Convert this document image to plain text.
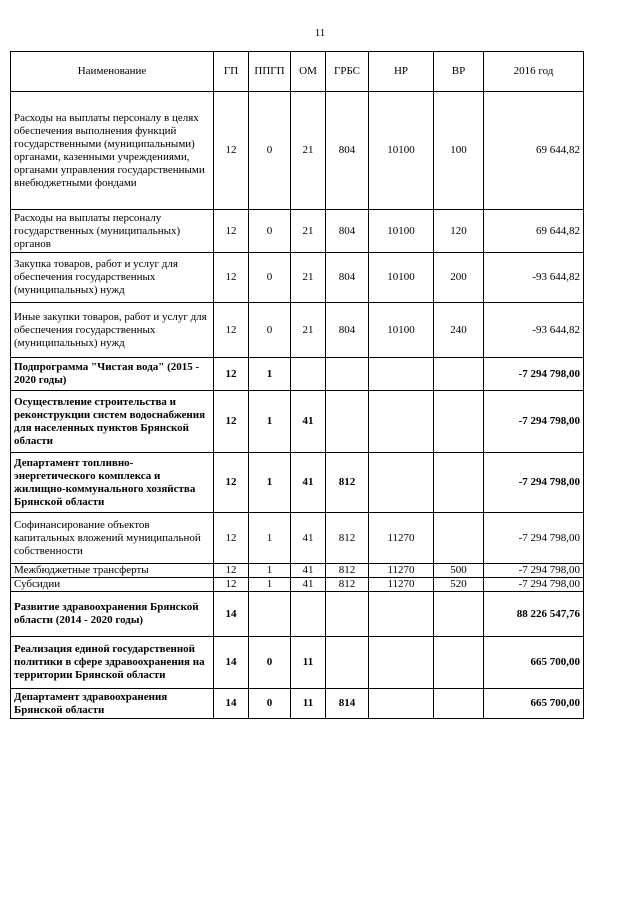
11
Наименование	ГП	ППГП	ОМ	ГРБС	НР	ВР	2016 год
Расходы на выплаты персоналу в целях обеспечения выполнения функций государственными (муниципальными) органами, казенными учреждениями, органами управления государственными внебюджетными фондами	12	0	21	804	10100	100	69 644,82
Расходы на выплаты персоналу государственных (муниципальных) органов	12	0	21	804	10100	120	69 644,82
Закупка товаров, работ и услуг для обеспечения государственных (муниципальных) нужд	12	0	21	804	10100	200	-93 644,82
Иные закупки товаров, работ и услуг для обеспечения государственных (муниципальных) нужд	12	0	21	804	10100	240	-93 644,82
Подпрограмма "Чистая вода" (2015 - 2020 годы)	12	1					-7 294 798,00
Осуществление строительства и реконструкции систем водоснабжения для населенных пунктов Брянской области	12	1	41				-7 294 798,00
Департамент топливно-энергетического комплекса и жилищно-коммунального хозяйства Брянской области	12	1	41	812			-7 294 798,00
Софинансирование объектов капитальных вложений муниципальной собственности	12	1	41	812	11270		-7 294 798,00
Межбюджетные трансферты	12	1	41	812	11270	500	-7 294 798,00
Субсидии	12	1	41	812	11270	520	-7 294 798,00
Развитие здравоохранения Брянской области (2014 - 2020 годы)	14						88 226 547,76
Реализация единой государственной политики в сфере здравоохранения на территории Брянской области	14	0	11				665 700,00
Департамент здравоохранения Брянской области	14	0	11	814			665 700,00
